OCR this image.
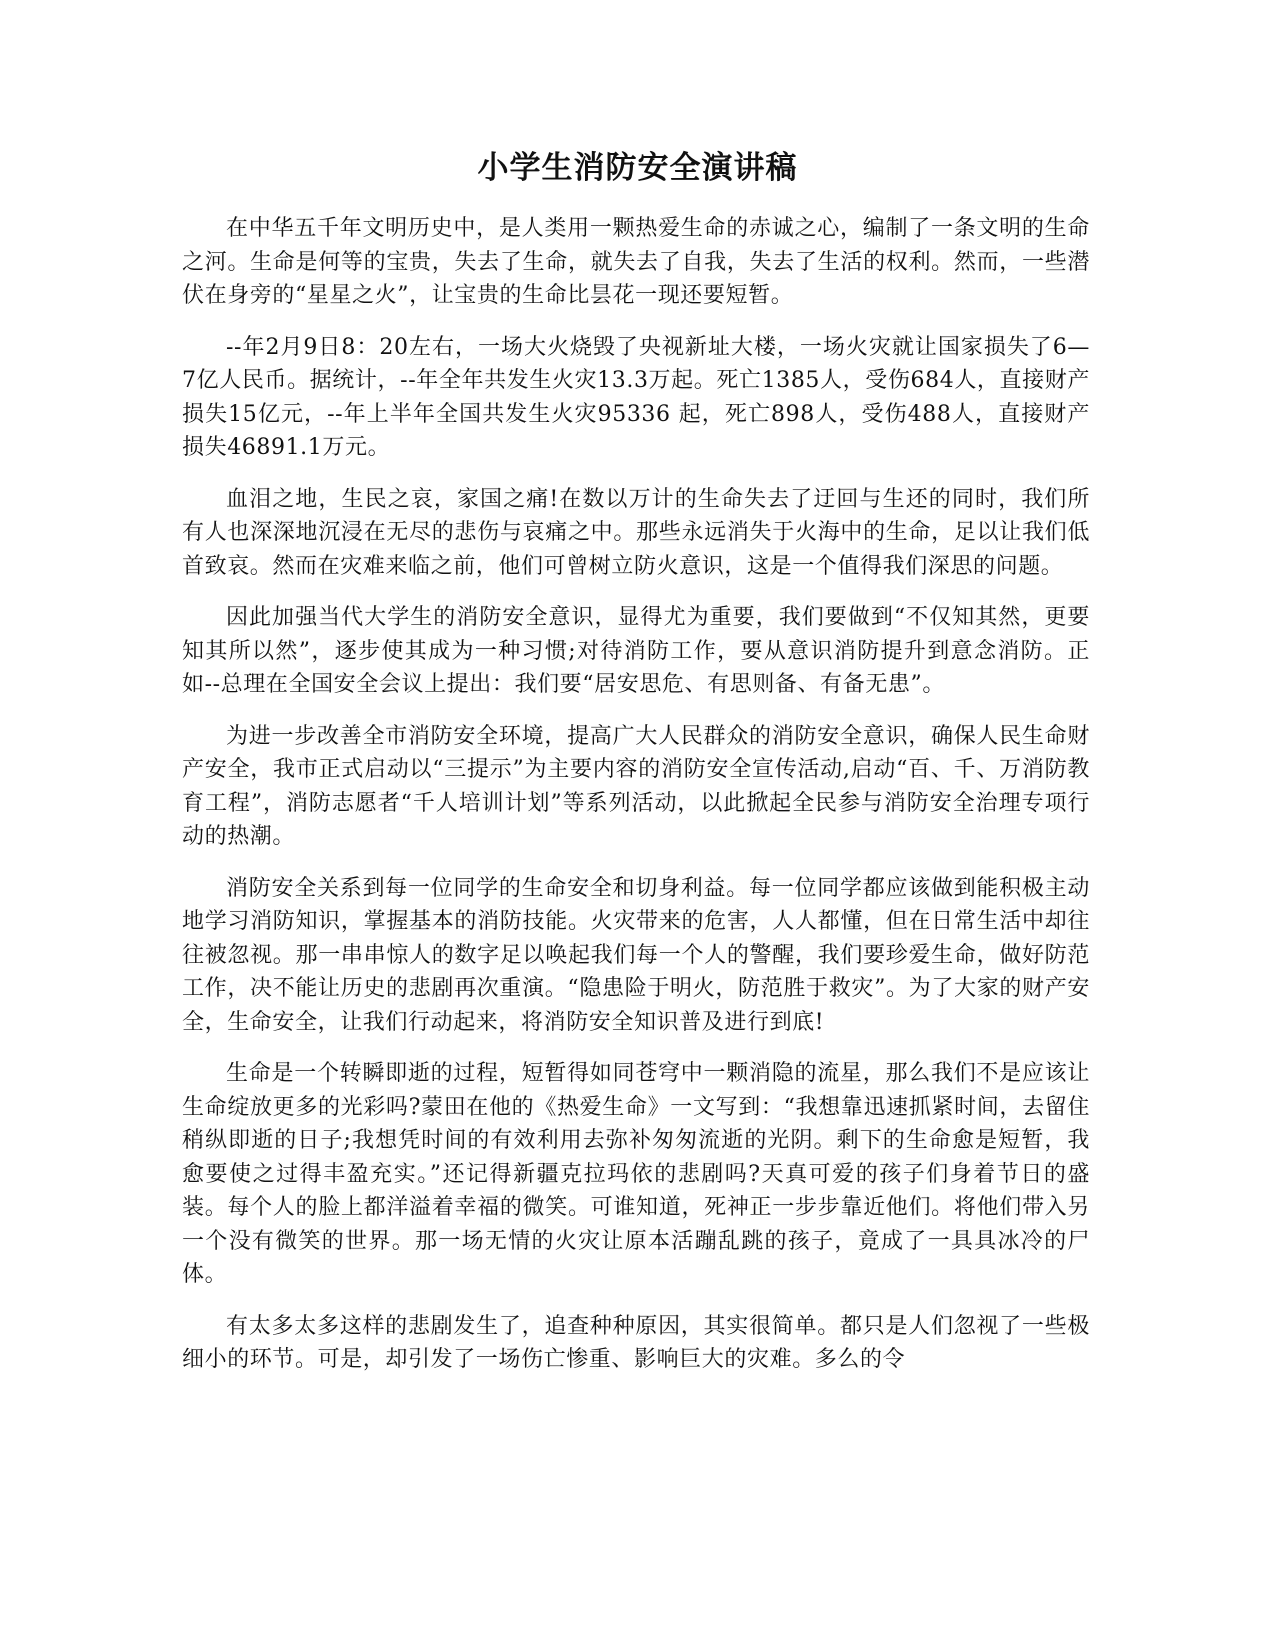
小学生消防安全演讲稿

在中华五千年文明历史中，是人类用一颗热爱生命的赤诚之心，编制了一条文明的生命之河。生命是何等的宝贵，失去了生命，就失去了自我，失去了生活的权利。然而，一些潜伏在身旁的“星星之火”，让宝贵的生命比昙花一现还要短暂。

--年2月9日8：20左右，一场大火烧毁了央视新址大楼，一场火灾就让国家损失了6— 7亿人民币。据统计，--年全年共发生火灾13.3万起。死亡1385人，受伤684人，直接财产损失15亿元，--年上半年全国共发生火灾95336 起，死亡898人，受伤488人，直接财产损失46891.1万元。

血泪之地，生民之哀，家国之痛!在数以万计的生命失去了迂回与生还的同时，我们所有人也深深地沉浸在无尽的悲伤与哀痛之中。那些永远消失于火海中的生命，足以让我们低首致哀。然而在灾难来临之前，他们可曾树立防火意识，这是一个值得我们深思的问题。

因此加强当代大学生的消防安全意识，显得尤为重要，我们要做到“不仅知其然，更要知其所以然”，逐步使其成为一种习惯;对待消防工作，要从意识消防提升到意念消防。正如--总理在全国安全会议上提出：我们要“居安思危、有思则备、有备无患”。

为进一步改善全市消防安全环境，提高广大人民群众的消防安全意识，确保人民生命财产安全，我市正式启动以“三提示”为主要内容的消防安全宣传活动,启动“百、千、万消防教育工程”，消防志愿者“千人培训计划”等系列活动，以此掀起全民参与消防安全治理专项行动的热潮。

消防安全关系到每一位同学的生命安全和切身利益。每一位同学都应该做到能积极主动地学习消防知识，掌握基本的消防技能。火灾带来的危害，人人都懂，但在日常生活中却往往被忽视。那一串串惊人的数字足以唤起我们每一个人的警醒，我们要珍爱生命，做好防范工作，决不能让历史的悲剧再次重演。“隐患险于明火，防范胜于救灾”。为了大家的财产安全，生命安全，让我们行动起来，将消防安全知识普及进行到底!

生命是一个转瞬即逝的过程，短暂得如同苍穹中一颗消隐的流星，那么我们不是应该让生命绽放更多的光彩吗?蒙田在他的《热爱生命》一文写到：“我想靠迅速抓紧时间，去留住稍纵即逝的日子;我想凭时间的有效利用去弥补匆匆流逝的光阴。剩下的生命愈是短暂，我愈要使之过得丰盈充实。”还记得新疆克拉玛依的悲剧吗?天真可爱的孩子们身着节日的盛装。每个人的脸上都洋溢着幸福的微笑。可谁知道，死神正一步步靠近他们。将他们带入另一个没有微笑的世界。那一场无情的火灾让原本活蹦乱跳的孩子，竟成了一具具冰冷的尸体。

有太多太多这样的悲剧发生了，追查种种原因，其实很简单。都只是人们忽视了一些极细小的环节。可是，却引发了一场伤亡惨重、影响巨大的灾难。多么的令
